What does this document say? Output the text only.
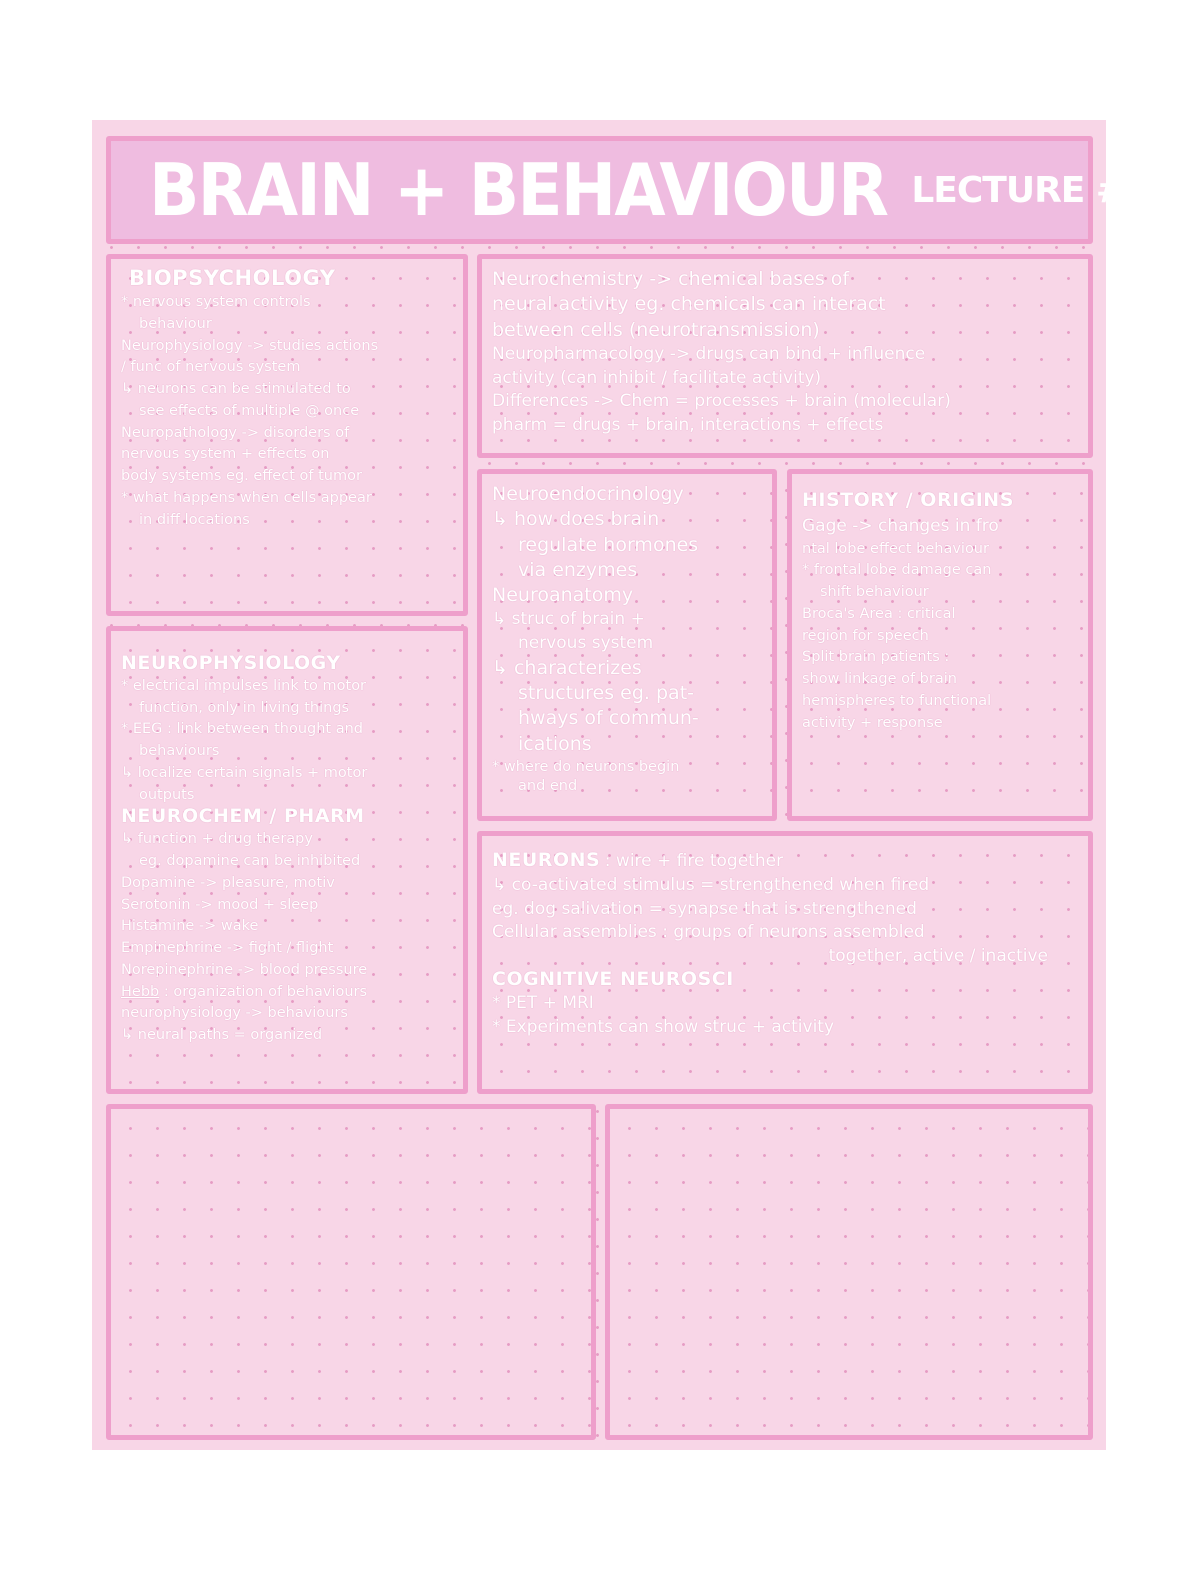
BRAIN + BEHAVIOUR LECTURE # 2
BIOPSYCHOLOGY
* nervous system controls
behaviour
Neurophysiology -> studies actions
/ func of nervous system
↳ neurons can be stimulated to
see effects of multiple @ once
Neuropathology -> disorders of
nervous system + effects on
body systems eg. effect of tumor
* what happens when cells appear
in diff locations
Neurochemistry -> chemical bases of
neural activity eg. chemicals can interact
between cells (neurotransmission)
Neuropharmacology -> drugs can bind + influence
activity (can inhibit / facilitate activity)
Differences -> Chem = processes + brain (molecular)
pharm = drugs + brain, interactions + effects
Neuroendocrinology
↳ how does brain
regulate hormones
via enzymes
Neuroanatomy
↳ struc of brain +
nervous system
↳ characterizes
structures eg. pat-
hways of commun-
ications
* where do neurons begin
and end
HISTORY / ORIGINS
Gage -> changes in fro
ntal lobe effect behaviour
* frontal lobe damage can
shift behaviour
Broca's Area : critical
region for speech
Split brain patients :
show linkage of brain
hemispheres to functional
activity + response
NEUROPHYSIOLOGY
* electrical impulses link to motor
function, only in living things
* EEG : link between thought and
behaviours
↳ localize certain signals + motor
outputs
NEUROCHEM / PHARM
↳ function + drug therapy
eg. dopamine can be inhibited
Dopamine -> pleasure, motiv
Serotonin -> mood + sleep
Histamine -> wake
Empinephrine -> fight / flight
Norepinephrine -> blood pressure
Hebb : organization of behaviours
neurophysiology -> behaviours
↳ neural paths = organized
NEURONS : wire + fire together
↳ co-activated stimulus = strengthened when fired
eg. dog salivation = synapse that is strengthened
Cellular assemblies : groups of neurons assembled
together, active / inactive
COGNITIVE NEUROSCI
* PET + MRI
* Experiments can show struc + activity
